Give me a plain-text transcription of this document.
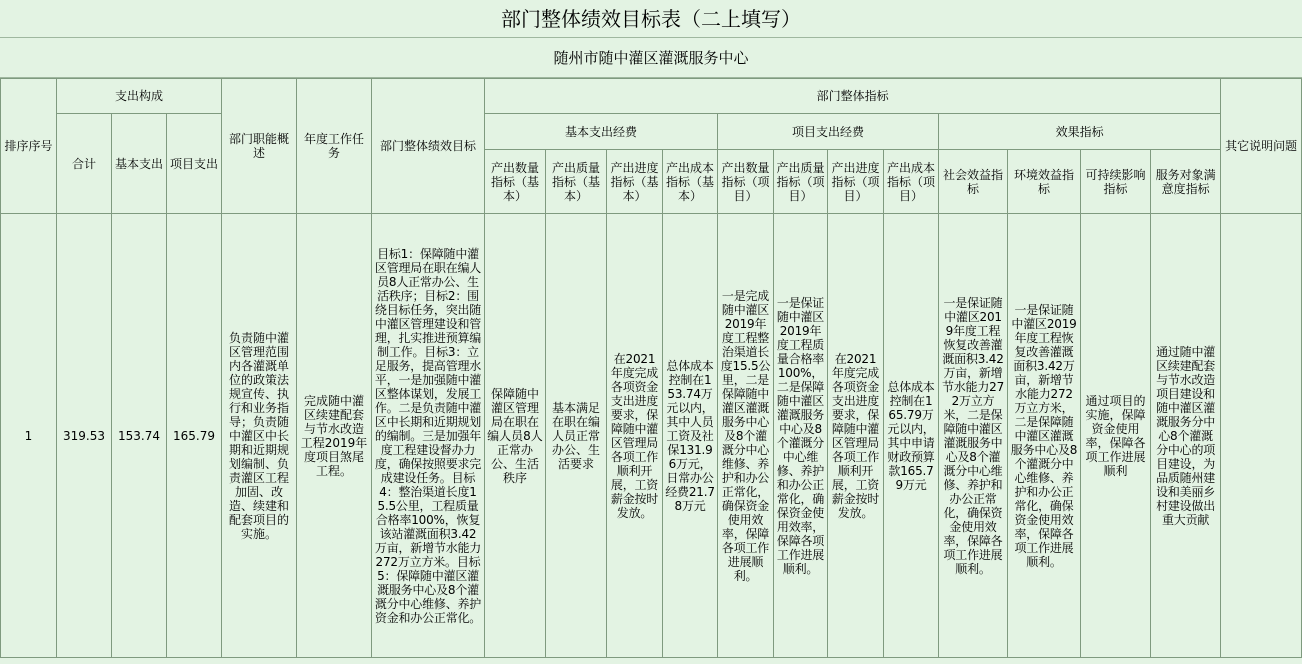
部门整体绩效目标表（二上填写）
随州市随中灌区灌溉服务中心
排序序号	支出构成			部门职能概述	年度工作任务	部门整体绩效目标	部门整体指标												其它说明问题
	合计	基本支出	项目支出				基本支出经费				项目支出经费				效果指标				
							产出数量指标（基本）	产出质量指标（基本）	产出进度指标（基本）	产出成本指标（基本）	产出数量指标（项目）	产出质量指标（项目）	产出进度指标（项目）	产出成本指标（项目）	社会效益指标	环境效益指标	可持续影响指标	服务对象满意度指标	
1	319.53	153.74	165.79	负责随中灌区管理范围内各灌溉单位的政策法规宣传、执行和业务指导；负责随中灌区中长期和近期规划编制、负责灌区工程加固、改造、续建和配套项目的实施。	完成随中灌区续建配套与节水改造工程2019年度项目煞尾工程。	目标1：保障随中灌区管理局在职在编人员8人正常办公、生活秩序；目标2：围绕目标任务，突出随中灌区管理建设和管理，扎实推进预算编制工作。目标3：立足服务，提高管理水平，一是加强随中灌区整体谋划，发展工作。二是负责随中灌区中长期和近期规划的编制。三是加强年度工程建设督办力度，确保按照要求完成建设任务。目标4：整治渠道长度15.5公里，工程质量合格率100%，恢复该站灌溉面积3.42万亩，新增节水能力272万立方米。目标5：保障随中灌区灌溉服务中心及8个灌溉分中心维修、养护资金和办公正常化。	保障随中灌区管理局在职在编人员8人正常办公、生活秩序	基本满足在职在编人员正常办公、生活要求	在2021年度完成各项资金支出进度要求，保障随中灌区管理局各项工作顺利开展，工资薪金按时发放。	总体成本控制在153.74万元以内，其中人员工资及社保131.96万元，日常办公经费21.78万元	一是完成随中灌区2019年度工程整治渠道长度15.5公里，二是保障随中灌区灌溉服务中心及8个灌溉分中心维修、养护和办公正常化，确保资金使用效率，保障各项工作进展顺利。	一是保证随中灌区2019年度工程质量合格率100%，二是保障随中灌区灌溉服务中心及8个灌溉分中心维修、养护和办公正常化，确保资金使用效率，保障各项工作进展顺利。	在2021年度完成各项资金支出进度要求，保障随中灌区管理局各项工作顺利开展，工资薪金按时发放。	总体成本控制在165.79万元以内，其中申请财政预算款165.79万元	一是保证随中灌区2019年度工程恢复改善灌溉面积3.42万亩，新增节水能力272万立方米，二是保障随中灌区灌溉服务中心及8个灌溉分中心维修、养护和办公正常化，确保资金使用效率，保障各项工作进展顺利。	一是保证随中灌区2019年度工程恢复改善灌溉面积3.42万亩，新增节水能力272万立方米，二是保障随中灌区灌溉服务中心及8个灌溉分中心维修、养护和办公正常化，确保资金使用效率，保障各项工作进展顺利。	通过项目的实施，保障资金使用率，保障各项工作进展顺利	通过随中灌区续建配套与节水改造项目建设和随中灌区灌溉服务分中心8个灌溉分中心的项目建设，为品质随州建设和美丽乡村建设做出重大贡献	
